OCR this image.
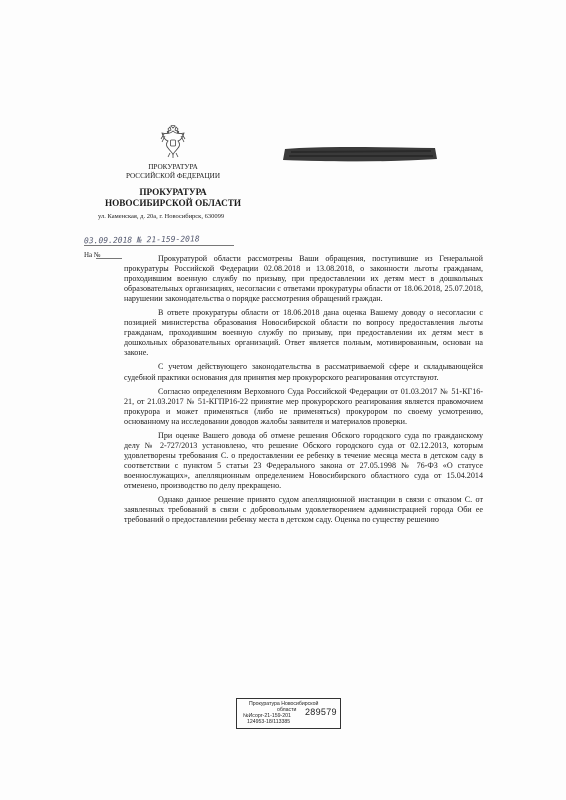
ПРОКУРАТУРА
РОССИЙСКОЙ ФЕДЕРАЦИИ
ПРОКУРАТУРА
НОВОСИБИРСКОЙ ОБЛАСТИ
ул. Каменская, д. 20а, г. Новосибирск, 630099
03.09.2018 № 21-159-2018
На №	Прокуратурой области рассмотрены Ваши обращения, поступившие из Генеральной прокуратуры Российской Федерации 02.08.2018 и 13.08.2018, о законности льготы гражданам, проходившим военную службу по призыву, при предоставлении их детям мест в дошкольных образовательных организациях, несогласии с ответами прокуратуры области от 18.06.2018, 25.07.2018, нарушении законодательства о порядке рассмотрения обращений граждан.

В ответе прокуратуры области от 18.06.2018 дана оценка Вашему доводу о несогласии с позицией министерства образования Новосибирской области по вопросу предоставления льготы гражданам, проходившим военную службу по призыву, при предоставлении их детям мест в дошкольных образовательных организаций. Ответ является полным, мотивированным, основан на законе.

С учетом действующего законодательства в рассматриваемой сфере и складывающейся судебной практики основания для принятия мер прокурорского реагирования отсутствуют.

Согласно определениям Верховного Суда Российской Федерации от 01.03.2017 № 51-КГ16-21, от 21.03.2017 № 51-КГПР16-22 принятие мер прокурорского реагирования является правомочием прокурора и может применяться (либо не применяться) прокурором по своему усмотрению, основанному на исследовании доводов жалобы заявителя и материалов проверки.

При оценке Вашего довода об отмене решения Обского городского суда по гражданскому делу № 2-727/2013 установлено, что решение Обского городского суда от 02.12.2013, которым удовлетворены требования С. о предоставлении ее ребенку в течение месяца места в детском саду в соответствии с пунктом 5 статьи 23 Федерального закона от 27.05.1998 № 76-ФЗ «О статусе военнослужащих», апелляционным определением Новосибирского областного суда от 15.04.2014 отменено, производство по делу прекращено.

Однако данное решение принято судом апелляционной инстанции в связи с отказом С. от заявленных требований в связи с добровольным удовлетворением администрацией города Оби ее требований о предоставлении ребенку места в детском саду. Оценка по существу решению

Прокуратура Новосибирской
области
№Исорг-21-159-201
124953-18/113385
289579
